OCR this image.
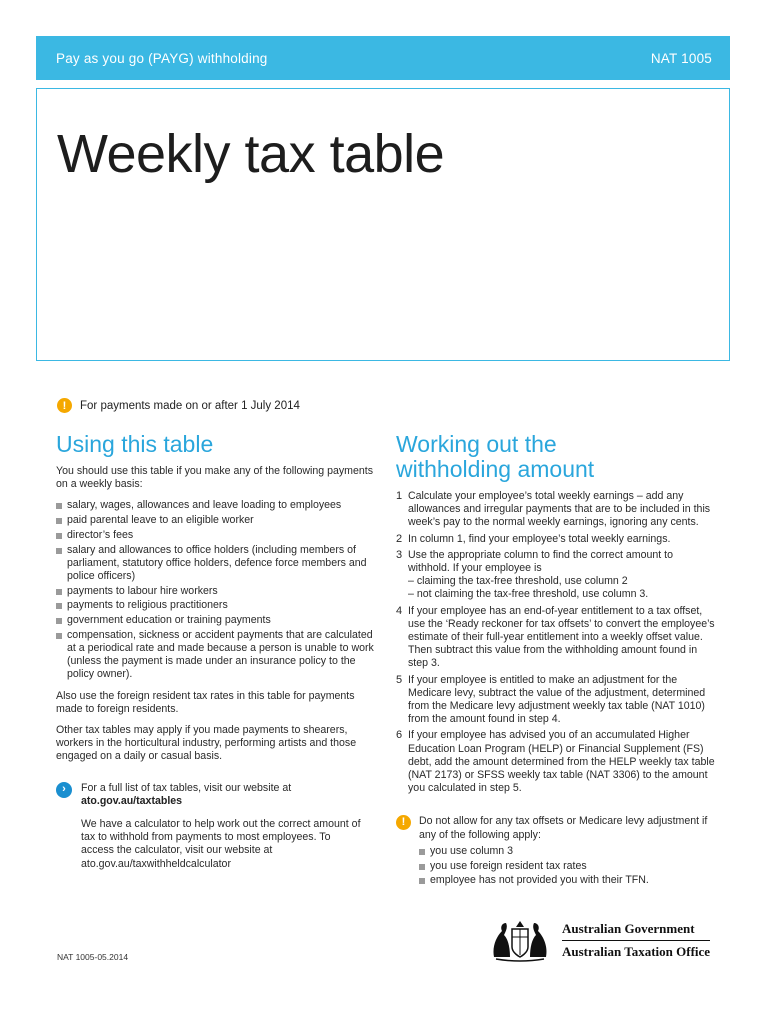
Pay as you go (PAYG) withholding	NAT 1005
Weekly tax table
!	For payments made on or after 1 July 2014
Using this table

You should use this table if you make any of the following payments on a weekly basis:

salary, wages, allowances and leave loading to employees
paid parental leave to an eligible worker
director’s fees
salary and allowances to office holders (including members of parliament, statutory office holders, defence force members and police officers)
payments to labour hire workers
payments to religious practitioners
government education or training payments
compensation, sickness or accident payments that are calculated at a periodical rate and made because a person is unable to work (unless the payment is made under an insurance policy to the policy owner).

Also use the foreign resident tax rates in this table for payments made to foreign residents.

Other tax tables may apply if you made payments to shearers, workers in the horticultural industry, performing artists and those engaged on a daily or casual basis.

›	For a full list of tax tables, visit our website at
ato.gov.au/taxtables

We have a calculator to help work out the correct amount of tax to withhold from payments to most employees. To access the calculator, visit our website at ato.gov.au/taxwithheldcalculator

Working out the
withholding amount
1 Calculate your employee’s total weekly earnings – add any allowances and irregular payments that are to be included in this week’s pay to the normal weekly earnings, ignoring any cents.
2 In column 1, find your employee’s total weekly earnings.
3 Use the appropriate column to find the correct amount to withhold. If your employee is
– claiming the tax-free threshold, use column 2
– not claiming the tax-free threshold, use column 3.
4 If your employee has an end-of-year entitlement to a tax offset, use the ‘Ready reckoner for tax offsets’ to convert the employee’s estimate of their full-year entitlement into a weekly offset value. Then subtract this value from the withholding amount found in step 3.
5 If your employee is entitled to make an adjustment for the Medicare levy, subtract the value of the adjustment, determined from the Medicare levy adjustment weekly tax table (NAT 1010) from the amount found in step 4.
6 If your employee has advised you of an accumulated Higher Education Loan Program (HELP) or Financial Supplement (FS) debt, add the amount determined from the HELP weekly tax table (NAT 2173) or SFSS weekly tax table (NAT 3306) to the amount you calculated in step 5.
!	Do not allow for any tax offsets or Medicare levy adjustment if any of the following apply:

you use column 3
you use foreign resident tax rates
employee has not provided you with their TFN.
NAT 1005-05.2014
Australian Government
Australian Taxation Office
